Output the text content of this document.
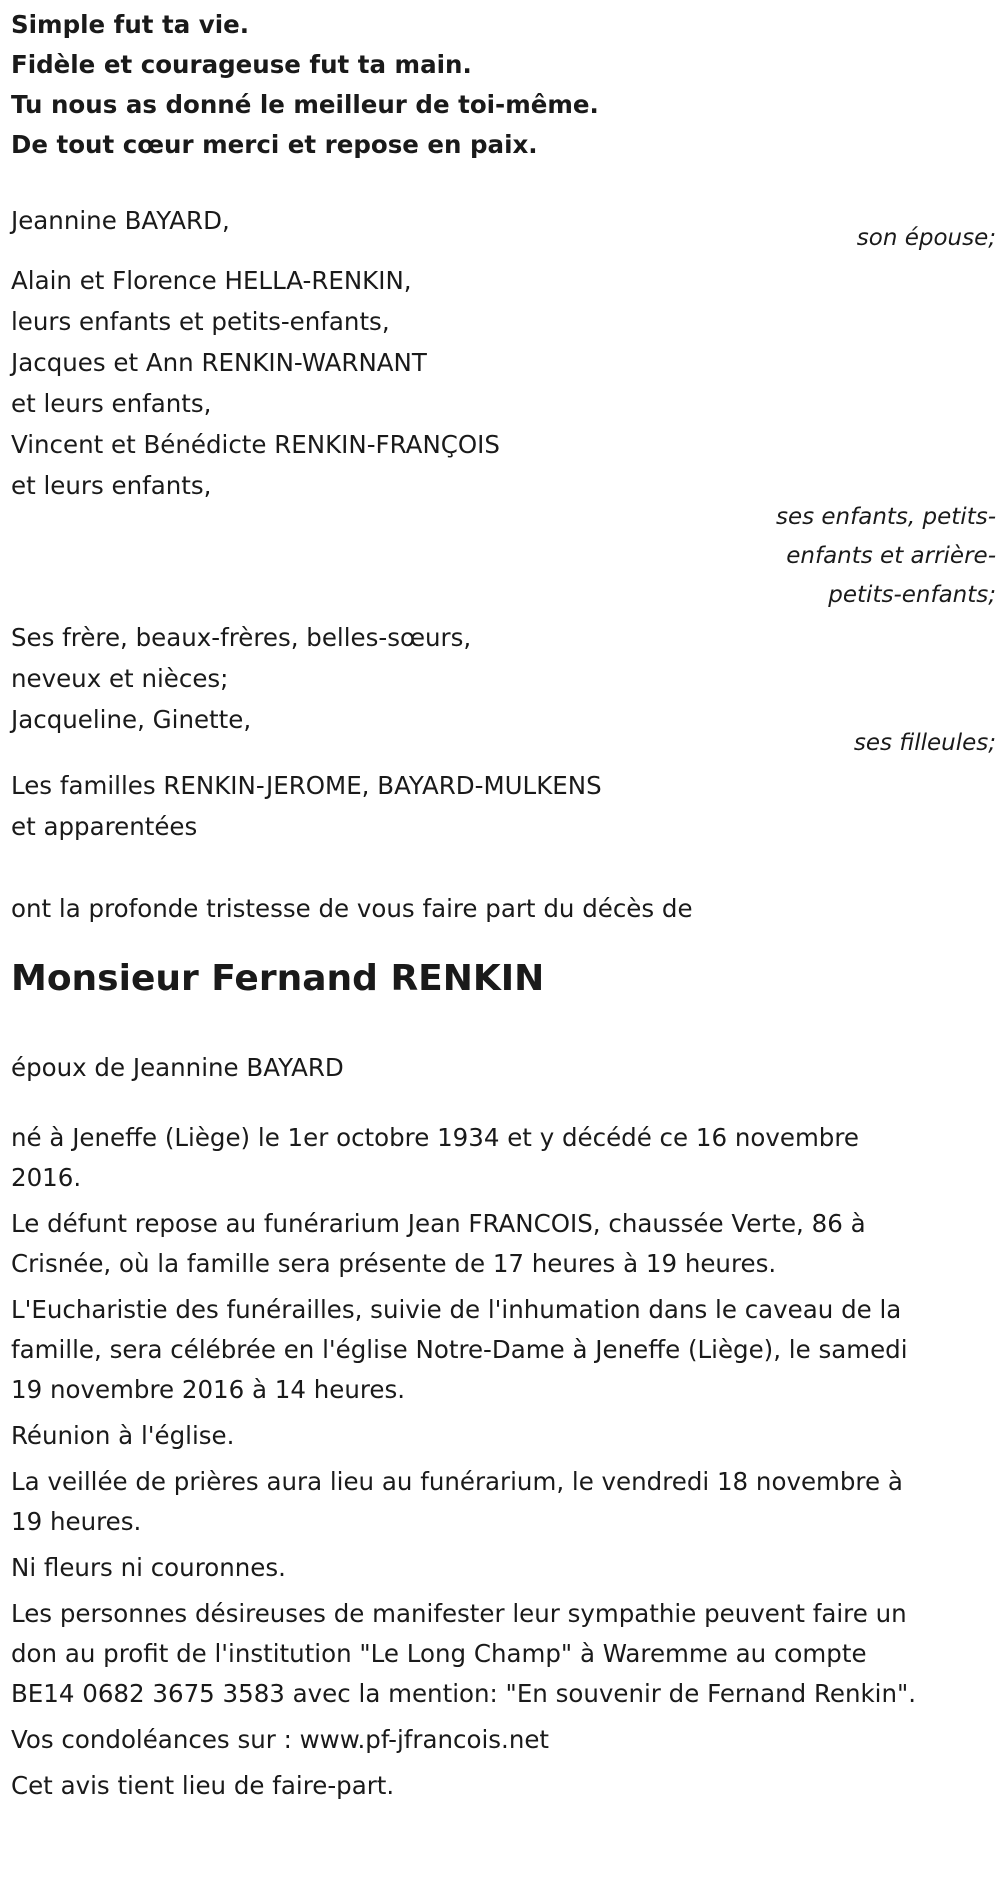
Simple fut ta vie.
Fidèle et courageuse fut ta main.
Tu nous as donné le meilleur de toi-même.
De tout cœur merci et repose en paix.
Jeannine BAYARD,
son épouse;
Alain et Florence HELLA-RENKIN,
leurs enfants et petits-enfants,
Jacques et Ann RENKIN-WARNANT
et leurs enfants,
Vincent et Bénédicte RENKIN-FRANÇOIS
et leurs enfants,
ses enfants, petits-
enfants et arrière-
petits-enfants;
Ses frère, beaux-frères, belles-sœurs,
neveux et nièces;
Jacqueline, Ginette,
ses filleules;
Les familles RENKIN-JEROME, BAYARD-MULKENS
et apparentées
ont la profonde tristesse de vous faire part du décès de
Monsieur Fernand RENKIN
époux de Jeannine BAYARD
né à Jeneffe (Liège) le 1er octobre 1934 et y décédé ce 16 novembre
2016.
Le défunt repose au funérarium Jean FRANCOIS, chaussée Verte, 86 à
Crisnée, où la famille sera présente de 17 heures à 19 heures.
L'Eucharistie des funérailles, suivie de l'inhumation dans le caveau de la
famille, sera célébrée en l'église Notre-Dame à Jeneffe (Liège), le samedi
19 novembre 2016 à 14 heures.
Réunion à l'église.
La veillée de prières aura lieu au funérarium, le vendredi 18 novembre à
19 heures.
Ni fleurs ni couronnes.
Les personnes désireuses de manifester leur sympathie peuvent faire un
don au profit de l'institution "Le Long Champ" à Waremme au compte
BE14 0682 3675 3583 avec la mention: "En souvenir de Fernand Renkin".
Vos condoléances sur : www.pf-jfrancois.net
Cet avis tient lieu de faire-part.
